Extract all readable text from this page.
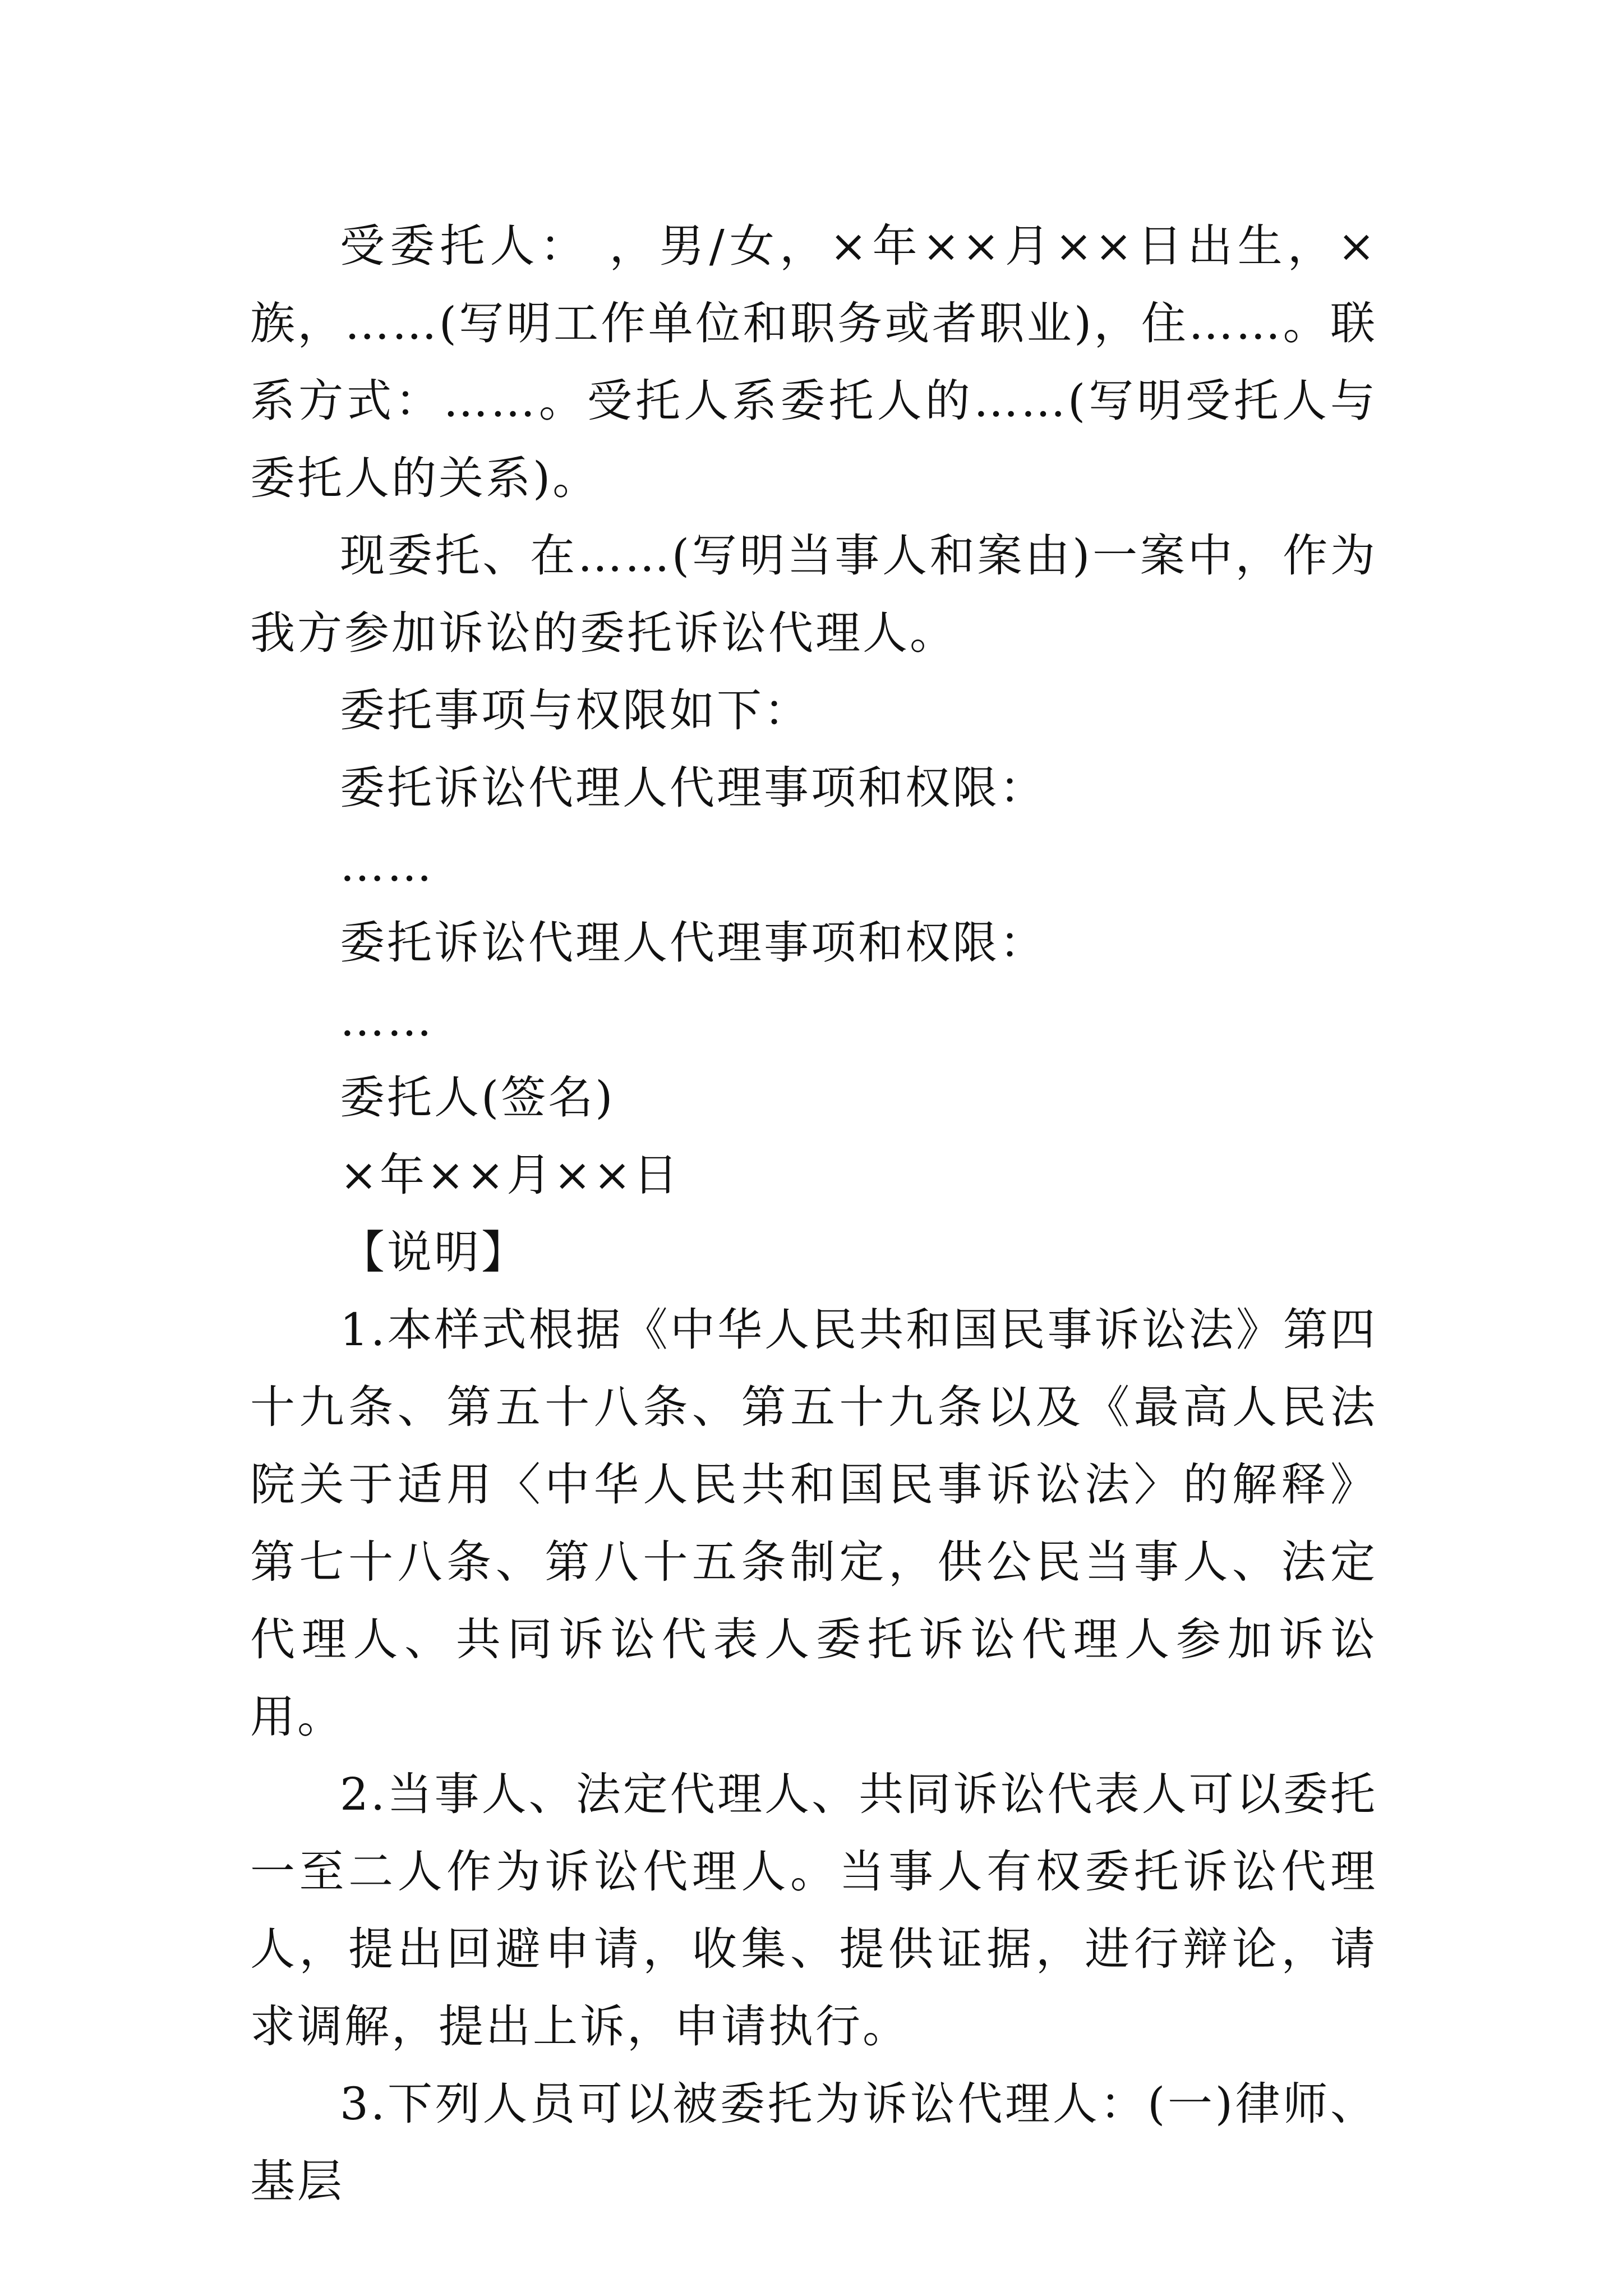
受委托人： ，男/女，×年××月××日出生，×族，……(写明工作单位和职务或者职业)，住……。联系方式：……。受托人系委托人的……(写明受托人与委托人的关系)。

现委托、在……(写明当事人和案由)一案中，作为我方参加诉讼的委托诉讼代理人。

委托事项与权限如下：

委托诉讼代理人代理事项和权限：

……

委托诉讼代理人代理事项和权限：

……

委托人(签名)

×年××月××日

【说明】

1.本样式根据《中华人民共和国民事诉讼法》第四十九条、第五十八条、第五十九条以及《最高人民法院关于适用〈中华人民共和国民事诉讼法〉的解释》第七十八条、第八十五条制定，供公民当事人、法定代理人、共同诉讼代表人委托诉讼代理人参加诉讼用。

2.当事人、法定代理人、共同诉讼代表人可以委托一至二人作为诉讼代理人。当事人有权委托诉讼代理人，提出回避申请，收集、提供证据，进行辩论，请求调解，提出上诉，申请执行。

3.下列人员可以被委托为诉讼代理人：(一)律师、基层
